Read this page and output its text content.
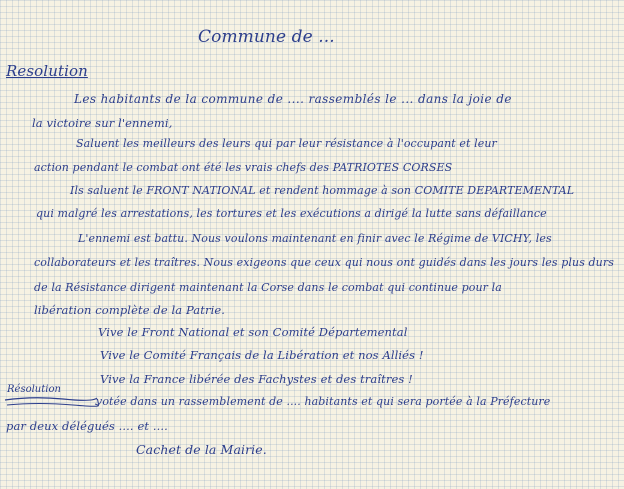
Commune de ...
Resolution
Les habitants de la commune de .... rassemblés le ... dans la joie de
la victoire sur l'ennemi,
Saluent les meilleurs des leurs qui par leur résistance à l'occupant et leur
action pendant le combat ont été les vrais chefs des PATRIOTES CORSES
Ils saluent le FRONT NATIONAL et rendent hommage à son COMITE DEPARTEMENTAL
qui malgré les arrestations, les tortures et les exécutions a dirigé la lutte sans défaillance
L'ennemi est battu. Nous voulons maintenant en finir avec le Régime de VICHY, les
collaborateurs et les traîtres. Nous exigeons que ceux qui nous ont guidés dans les jours les plus durs
de la Résistance dirigent maintenant la Corse dans le combat qui continue pour la
libération complète de la Patrie.
Vive le Front National et son Comité Départemental
Vive le Comité Français de la Libération et nos Alliés !
Vive la France libérée des Fachystes et des traîtres !
Résolution
votée dans un rassemblement de .... habitants et qui sera portée à la Préfecture
par deux délégués .... et ....
Cachet de la Mairie.
